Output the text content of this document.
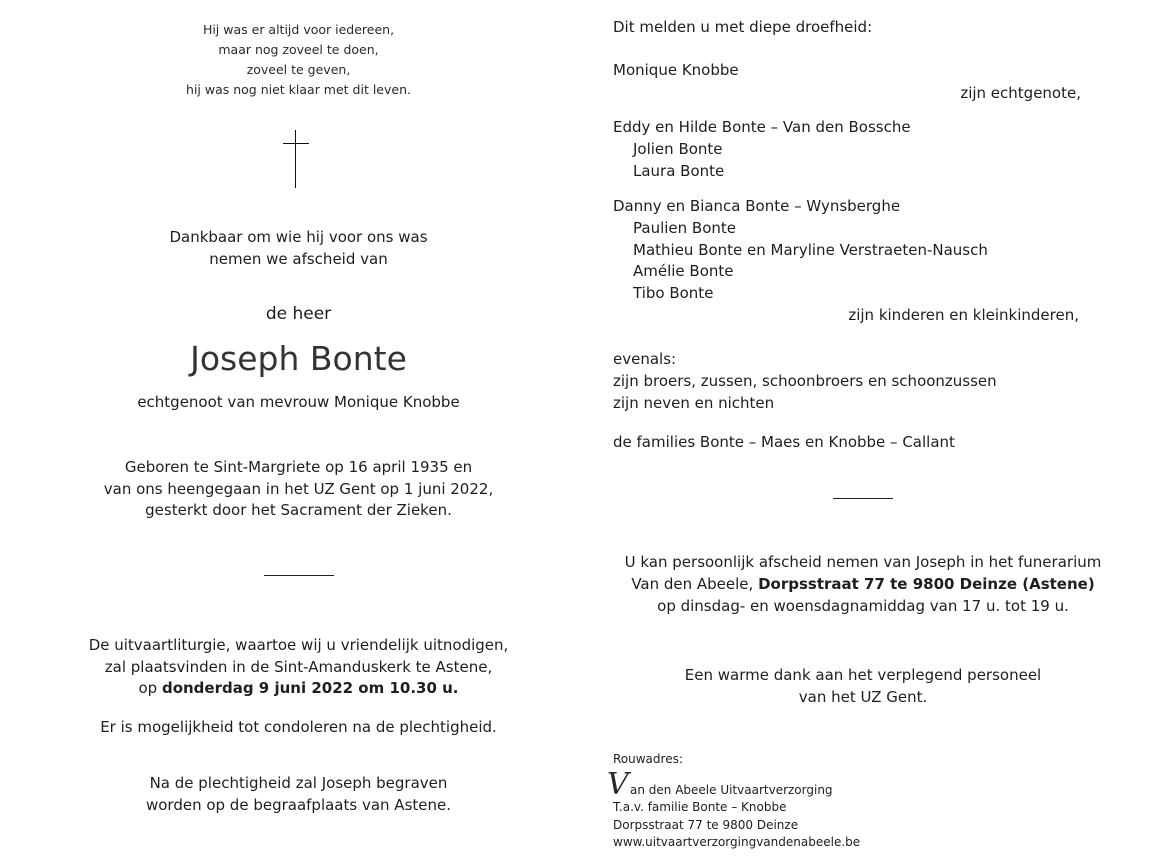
Hij was er altijd voor iedereen,
maar nog zoveel te doen,
zoveel te geven,
hij was nog niet klaar met dit leven.
Dankbaar om wie hij voor ons was
nemen we afscheid van
de heer
Joseph Bonte
echtgenoot van mevrouw Monique Knobbe
Geboren te Sint-Margriete op 16 april 1935 en
van ons heengegaan in het UZ Gent op 1 juni 2022,
gesterkt door het Sacrament der Zieken.
De uitvaartliturgie, waartoe wij u vriendelijk uitnodigen,
zal plaatsvinden in de Sint-Amanduskerk te Astene,
op donderdag 9 juni 2022 om 10.30 u.
Er is mogelijkheid tot condoleren na de plechtigheid.
Na de plechtigheid zal Joseph begraven
worden op de begraafplaats van Astene.
Dit melden u met diepe droefheid:
Monique Knobbe
zijn echtgenote,
Eddy en Hilde Bonte – Van den Bossche
Jolien Bonte
Laura Bonte
Danny en Bianca Bonte – Wynsberghe
Paulien Bonte
Mathieu Bonte en Maryline Verstraeten-Nausch
Amélie Bonte
Tibo Bonte
zijn kinderen en kleinkinderen,
evenals:
zijn broers, zussen, schoonbroers en schoonzussen
zijn neven en nichten
de families Bonte – Maes en Knobbe – Callant
U kan persoonlijk afscheid nemen van Joseph in het funerarium
Van den Abeele, Dorpsstraat 77 te 9800 Deinze (Astene)
op dinsdag- en woensdagnamiddag van 17 u. tot 19 u.
Een warme dank aan het verplegend personeel
van het UZ Gent.
Rouwadres:
V an den Abeele Uitvaartverzorging
T.a.v. familie Bonte – Knobbe
Dorpsstraat 77 te 9800 Deinze
www.uitvaartverzorgingvandenabeele.be
